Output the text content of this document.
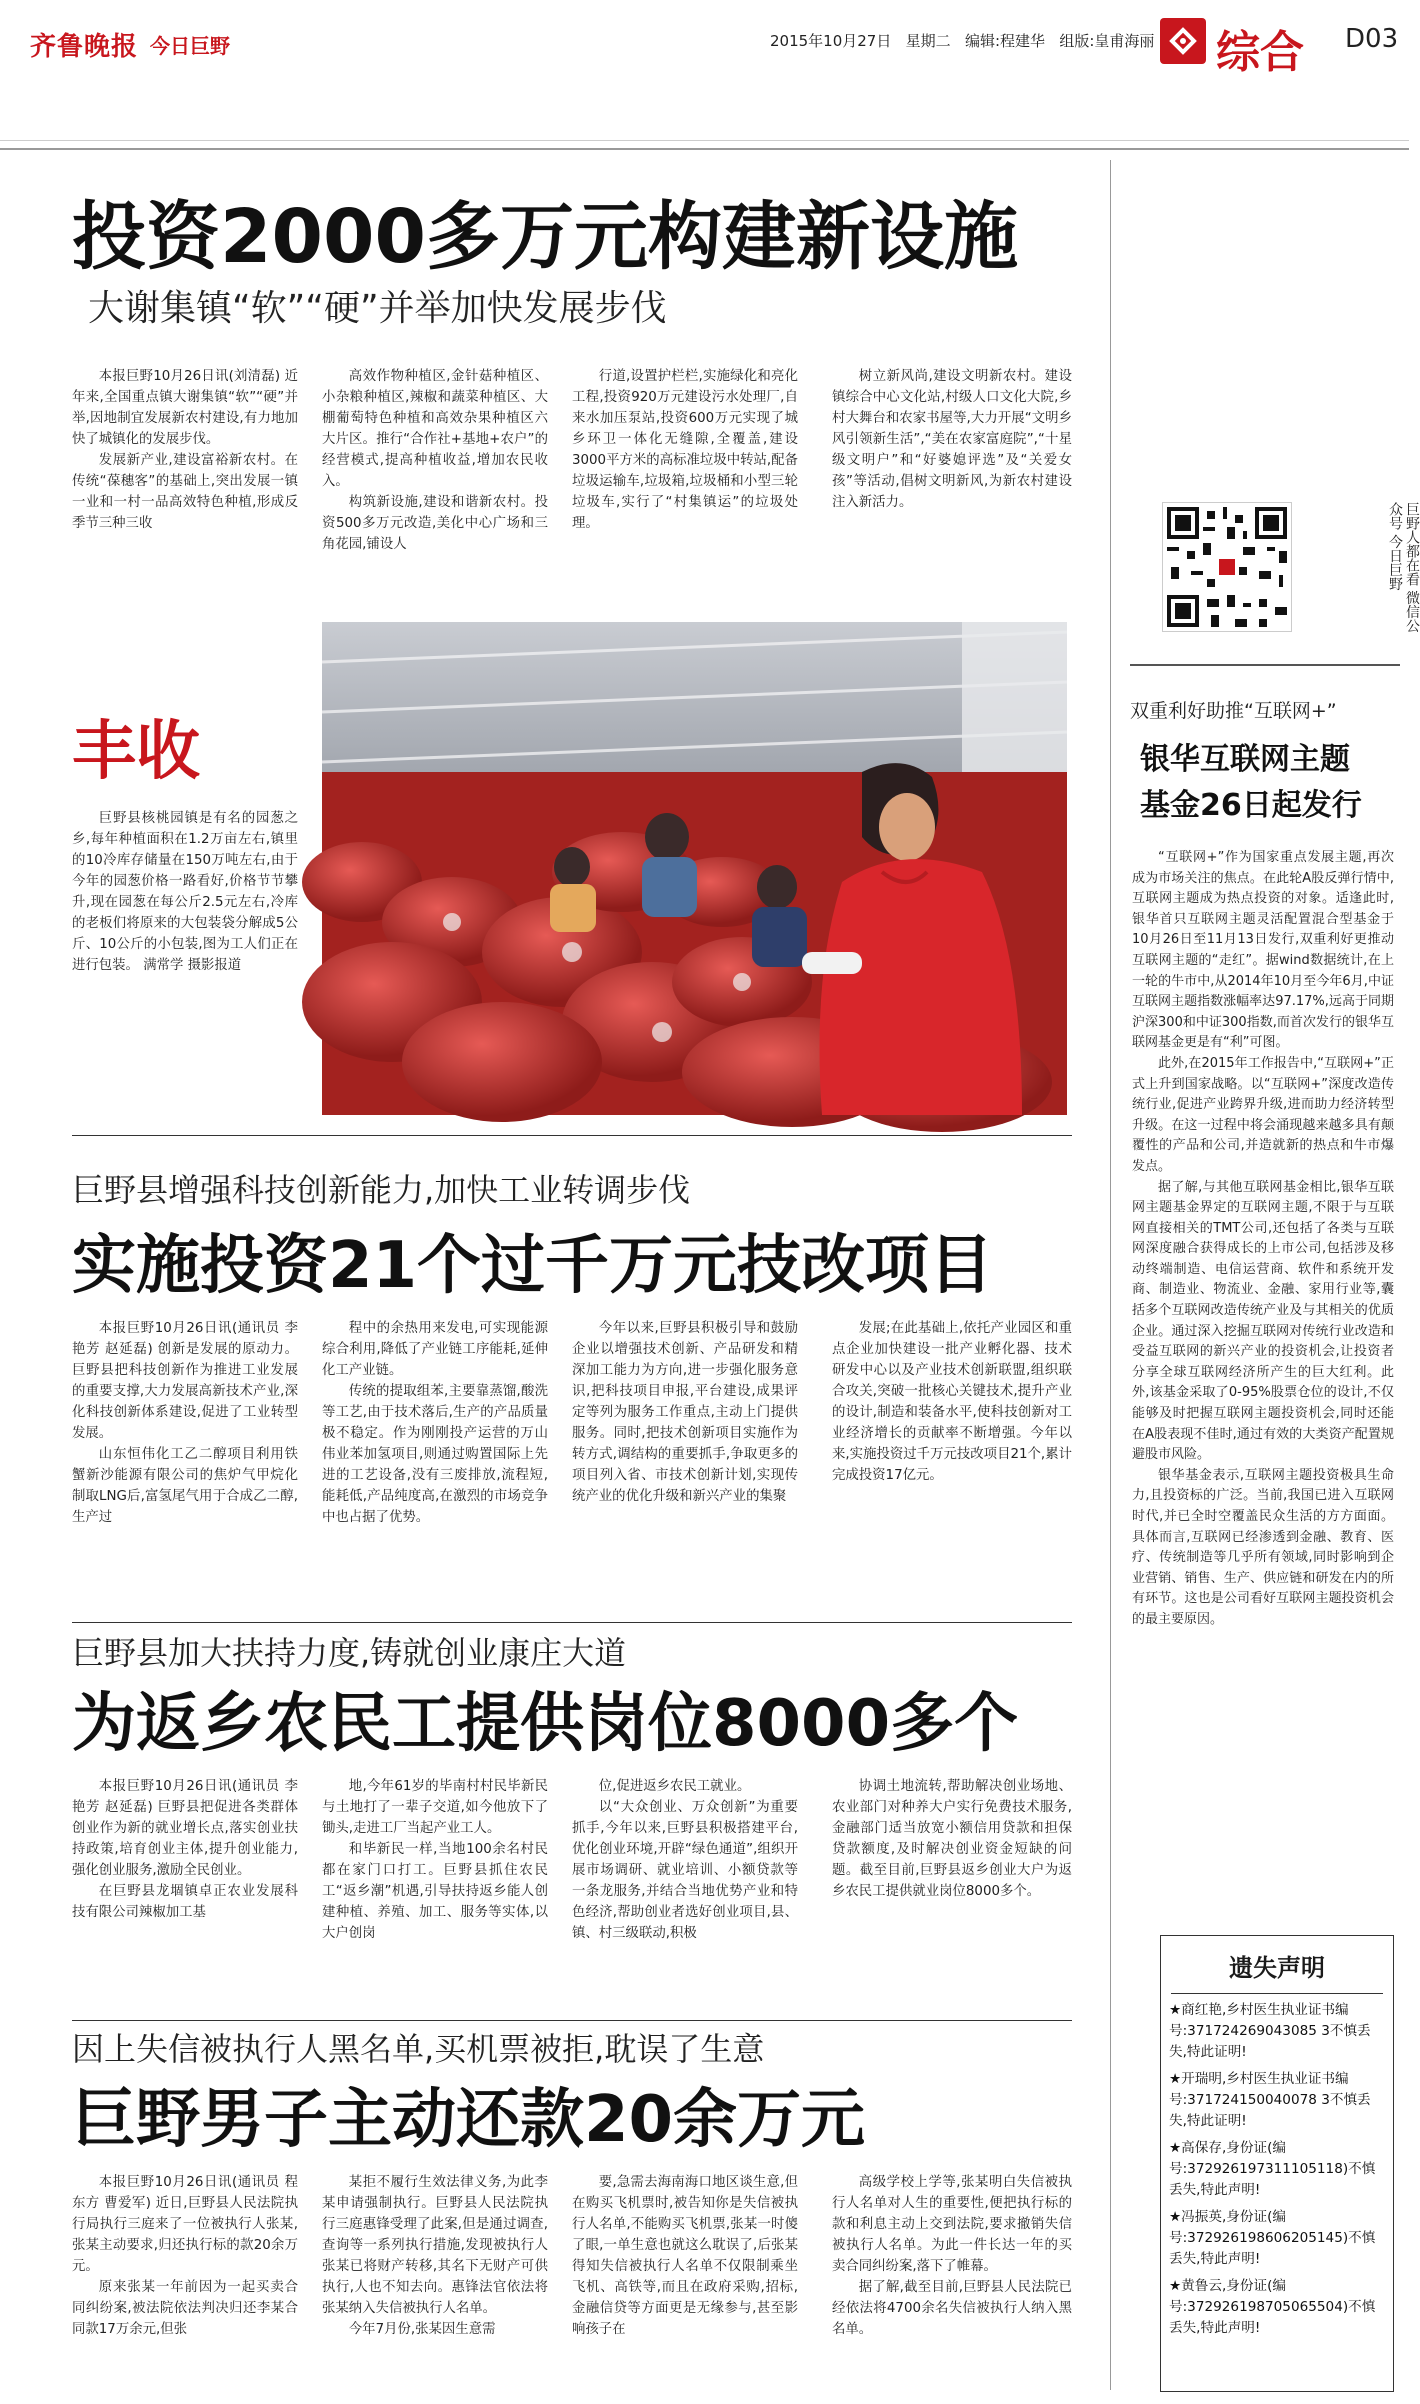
齐鲁晚报 今日巨野	2015年10月27日 星期二 编辑:程建华 组版:皇甫海丽 综合 D03
投资2000多万元构建新设施
大谢集镇“软”“硬”并举加快发展步伐

本报巨野10月26日讯(刘清磊) 近年来,全国重点镇大谢集镇“软”“硬”并举,因地制宜发展新农村建设,有力地加快了城镇化的发展步伐。

发展新产业,建设富裕新农村。在传统“葆穗客”的基础上,突出发展一镇一业和一村一品高效特色种植,形成反季节三种三收

高效作物种植区,金针菇种植区、小杂粮种植区,辣椒和蔬菜种植区、大棚葡萄特色种植和高效杂果种植区六大片区。推行“合作社+基地+农户”的经营模式,提高种植收益,增加农民收入。

构筑新设施,建设和谐新农村。投资500多万元改造,美化中心广场和三角花园,铺设人

行道,设置护栏栏,实施绿化和亮化工程,投资920万元建设污水处理厂,自来水加压泵站,投资600万元实现了城乡环卫一体化无缝隙,全覆盖,建设3000平方米的高标准垃圾中转站,配备垃圾运输车,垃圾箱,垃圾桶和小型三轮垃圾车,实行了“村集镇运”的垃圾处理。

树立新风尚,建设文明新农村。建设镇综合中心文化站,村级人口文化大院,乡村大舞台和农家书屋等,大力开展“文明乡风引领新生活”,“美在农家富庭院”,“十星级文明户”和“好婆媳评选”及“关爱女孩”等活动,倡树文明新风,为新农村建设注入新活力。	巨野人都在看 微信公众号 今日巨野
丰收

巨野县核桃园镇是有名的园葱之乡,每年种植面积在1.2万亩左右,镇里的10冷库存储量在150万吨左右,由于今年的园葱价格一路看好,价格节节攀升,现在园葱在每公斤2.5元左右,冷库的老板们将原来的大包装袋分解成5公斤、10公斤的小包装,图为工人们正在进行包装。 满常学 摄影报道

巨野县增强科技创新能力,加快工业转调步伐
实施投资21个过千万元技改项目

本报巨野10月26日讯(通讯员 李艳芳 赵延磊) 创新是发展的原动力。巨野县把科技创新作为推进工业发展的重要支撑,大力发展高新技术产业,深化科技创新体系建设,促进了工业转型发展。

山东恒伟化工乙二醇项目利用铁蟹新沙能源有限公司的焦炉气甲烷化制取LNG后,富氢尾气用于合成乙二醇,生产过

程中的余热用来发电,可实现能源综合利用,降低了产业链工序能耗,延伸化工产业链。

传统的提取组苯,主要靠蒸馏,酸洗等工艺,由于技术落后,生产的产品质量极不稳定。作为刚刚投产运营的万山伟业苯加氢项目,则通过购置国际上先进的工艺设备,没有三废排放,流程短,能耗低,产品纯度高,在激烈的市场竞争中也占据了优势。

今年以来,巨野县积极引导和鼓励企业以增强技术创新、产品研发和精深加工能力为方向,进一步强化服务意识,把科技项目申报,平台建设,成果评定等列为服务工作重点,主动上门提供服务。同时,把技术创新项目实施作为转方式,调结构的重要抓手,争取更多的项目列入省、市技术创新计划,实现传统产业的优化升级和新兴产业的集聚

发展;在此基础上,依托产业园区和重点企业加快建设一批产业孵化器、技术研发中心以及产业技术创新联盟,组织联合攻关,突破一批核心关键技术,提升产业的设计,制造和装备水平,使科技创新对工业经济增长的贡献率不断增强。今年以来,实施投资过千万元技改项目21个,累计完成投资17亿元。

巨野县加大扶持力度,铸就创业康庄大道
为返乡农民工提供岗位8000多个

本报巨野10月26日讯(通讯员 李艳芳 赵延磊) 巨野县把促进各类群体创业作为新的就业增长点,落实创业扶持政策,培育创业主体,提升创业能力,强化创业服务,激励全民创业。

在巨野县龙堌镇卓正农业发展科技有限公司辣椒加工基

地,今年61岁的毕南村村民毕新民与土地打了一辈子交道,如今他放下了锄头,走进工厂当起产业工人。

和毕新民一样,当地100余名村民都在家门口打工。巨野县抓住农民工“返乡潮”机遇,引导扶持返乡能人创建种植、养殖、加工、服务等实体,以大户创岗

位,促进返乡农民工就业。

以“大众创业、万众创新”为重要抓手,今年以来,巨野县积极搭建平台,优化创业环境,开辟“绿色通道”,组织开展市场调研、就业培训、小额贷款等一条龙服务,并结合当地优势产业和特色经济,帮助创业者选好创业项目,县、镇、村三级联动,积极

协调土地流转,帮助解决创业场地、农业部门对种养大户实行免费技术服务,金融部门适当放宽小额信用贷款和担保贷款额度,及时解决创业资金短缺的问题。截至目前,巨野县返乡创业大户为返乡农民工提供就业岗位8000多个。

因上失信被执行人黑名单,买机票被拒,耽误了生意
巨野男子主动还款20余万元

本报巨野10月26日讯(通讯员 程东方 曹爱军) 近日,巨野县人民法院执行局执行三庭来了一位被执行人张某,张某主动要求,归还执行标的款20余万元。

原来张某一年前因为一起买卖合同纠纷案,被法院依法判决归还李某合同款17万余元,但张

某拒不履行生效法律义务,为此李某申请强制执行。巨野县人民法院执行三庭惠锋受理了此案,但是通过调查,查询等一系列执行措施,发现被执行人张某已将财产转移,其名下无财产可供执行,人也不知去向。惠锋法官依法将张某纳入失信被执行人名单。

今年7月份,张某因生意需

要,急需去海南海口地区谈生意,但在购买飞机票时,被告知你是失信被执行人名单,不能购买飞机票,张某一时傻了眼,一单生意也就这么耽误了,后张某得知失信被执行人名单不仅限制乘坐飞机、高铁等,而且在政府采购,招标,金融信贷等方面更是无缘参与,甚至影响孩子在

高级学校上学等,张某明白失信被执行人名单对人生的重要性,便把执行标的款和利息主动上交到法院,要求撤销失信被执行人名单。为此一件长达一年的买卖合同纠纷案,落下了帷幕。

据了解,截至目前,巨野县人民法院已经依法将4700余名失信被执行人纳入黑名单。

双重利好助推“互联网+”
银华互联网主题
基金26日起发行

“互联网+”作为国家重点发展主题,再次成为市场关注的焦点。在此轮A股反弹行情中,互联网主题成为热点投资的对象。适逢此时,银华首只互联网主题灵活配置混合型基金于10月26日至11月13日发行,双重利好更推动互联网主题的“走红”。据wind数据统计,在上一轮的牛市中,从2014年10月至今年6月,中证互联网主题指数涨幅率达97.17%,远高于同期沪深300和中证300指数,而首次发行的银华互联网基金更是有“利”可图。

此外,在2015年工作报告中,“互联网+”正式上升到国家战略。以“互联网+”深度改造传统行业,促进产业跨界升级,进而助力经济转型升级。在这一过程中将会涌现越来越多具有颠覆性的产品和公司,并造就新的热点和牛市爆发点。

据了解,与其他互联网基金相比,银华互联网主题基金界定的互联网主题,不限于与互联网直接相关的TMT公司,还包括了各类与互联网深度融合获得成长的上市公司,包括涉及移动终端制造、电信运营商、软件和系统开发商、制造业、物流业、金融、家用行业等,囊括多个互联网改造传统产业及与其相关的优质企业。通过深入挖掘互联网对传统行业改造和受益互联网的新兴产业的投资机会,让投资者分享全球互联网经济所产生的巨大红利。此外,该基金采取了0-95%股票仓位的设计,不仅能够及时把握互联网主题投资机会,同时还能在A股表现不佳时,通过有效的大类资产配置规避股市风险。

银华基金表示,互联网主题投资极具生命力,且投资标的广泛。当前,我国已进入互联网时代,并已全时空覆盖民众生活的方方面面。具体而言,互联网已经渗透到金融、教育、医疗、传统制造等几乎所有领域,同时影响到企业营销、销售、生产、供应链和研发在内的所有环节。这也是公司看好互联网主题投资机会的最主要原因。

遗失声明
★商红艳,乡村医生执业证书编号:371724269043085 3不慎丢失,特此证明!
★开瑞明,乡村医生执业证书编号:371724150040078 3不慎丢失,特此证明!
★高保存,身份证(编号:372926197311105118)不慎丢失,特此声明!
★冯振英,身份证(编号:372926198606205145)不慎丢失,特此声明!
★黄鲁云,身份证(编号:372926198705065504)不慎丢失,特此声明!
